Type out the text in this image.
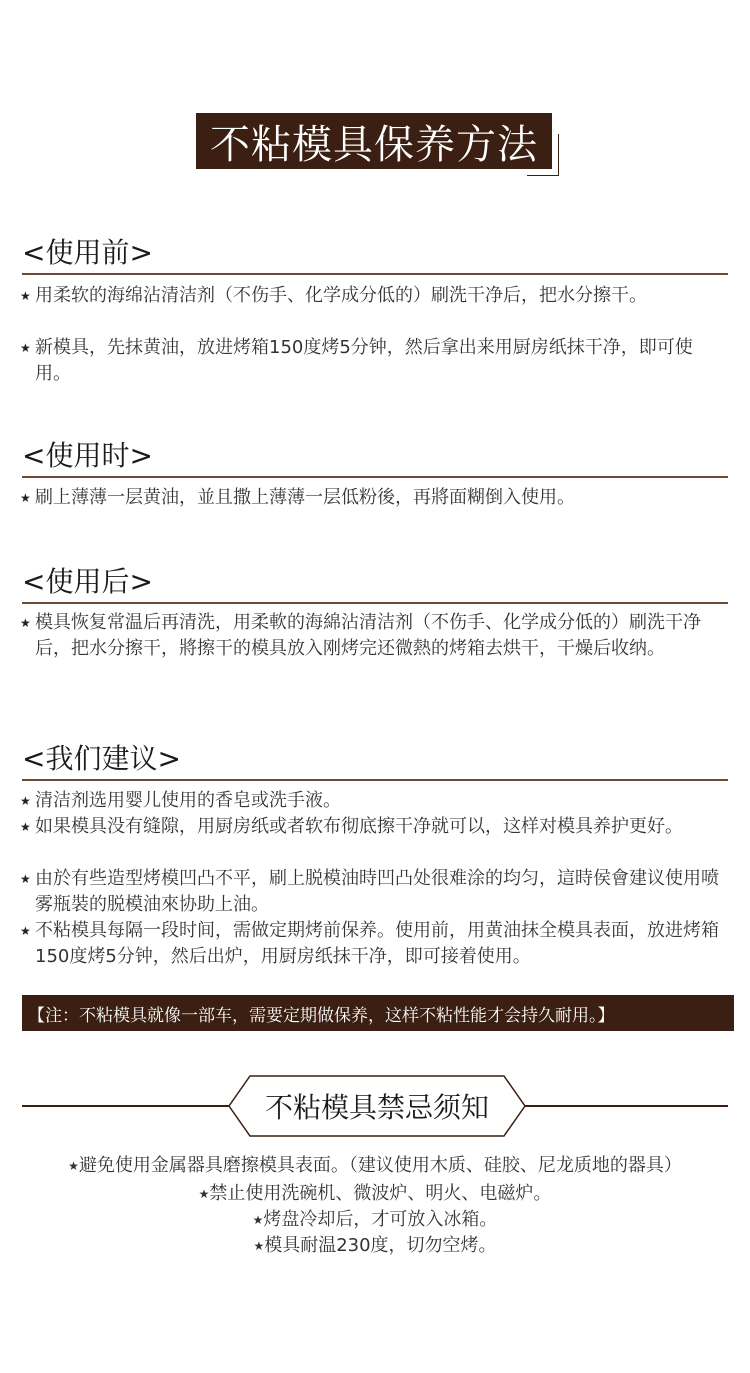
不粘模具保养方法
<使用前>
★ 用柔软的海绵沾清洁剂（不伤手、化学成分低的）刷洗干净后，把水分擦干。
★ 新模具，先抹黄油，放进烤箱150度烤5分钟，然后拿出来用厨房纸抹干净，即可使用。
<使用时>
★ 刷上薄薄一层黄油，並且撒上薄薄一层低粉後，再將面糊倒入使用。
<使用后>
★ 模具恢复常温后再清洗，用柔軟的海綿沾清洁剂（不伤手、化学成分低的）刷洗干净后，把水分擦干，將擦干的模具放入刚烤完还微熱的烤箱去烘干，干燥后收纳。
<我们建议>
★ 清洁剂选用婴儿使用的香皂或洗手液。
★ 如果模具没有缝隙，用厨房纸或者软布彻底擦干净就可以，这样对模具养护更好。
★ 由於有些造型烤模凹凸不平，刷上脱模油時凹凸处很难涂的均匀，這時侯會建议使用喷雾瓶裝的脱模油來协助上油。
★ 不粘模具每隔一段时间，需做定期烤前保养。使用前，用黄油抹全模具表面，放进烤箱150度烤5分钟，然后出炉，用厨房纸抹干净，即可接着使用。
【注：不粘模具就像一部车，需要定期做保养，这样不粘性能才会持久耐用。】
不粘模具禁忌须知
★避免使用金属器具磨擦模具表面。（建议使用木质、硅胶、尼龙质地的器具）
★禁止使用洗碗机、微波炉、明火、电磁炉。
★烤盘冷却后，才可放入冰箱。
★模具耐温230度，切勿空烤。
